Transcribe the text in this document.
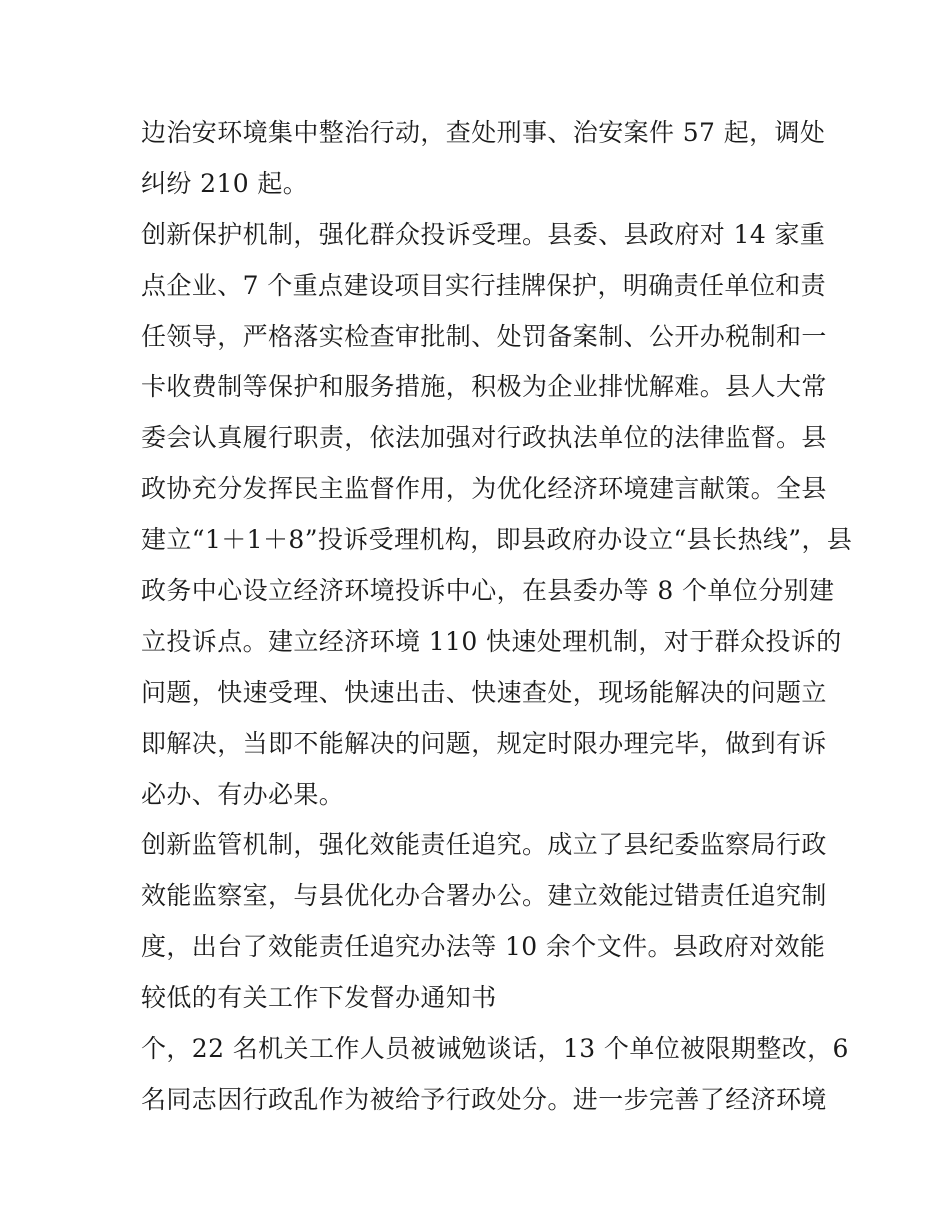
边治安环境集中整治行动，查处刑事、治安案件 57 起，调处
纠纷 210 起。
创新保护机制，强化群众投诉受理。县委、县政府对 14 家重
点企业、7 个重点建设项目实行挂牌保护，明确责任单位和责
任领导，严格落实检查审批制、处罚备案制、公开办税制和一
卡收费制等保护和服务措施，积极为企业排忧解难。县人大常
委会认真履行职责，依法加强对行政执法单位的法律监督。县
政协充分发挥民主监督作用，为优化经济环境建言献策。全县
建立“1＋1＋8”投诉受理机构，即县政府办设立“县长热线”，县
政务中心设立经济环境投诉中心，在县委办等 8 个单位分别建
立投诉点。建立经济环境 110 快速处理机制，对于群众投诉的
问题，快速受理、快速出击、快速查处，现场能解决的问题立
即解决，当即不能解决的问题，规定时限办理完毕，做到有诉
必办、有办必果。
创新监管机制，强化效能责任追究。成立了县纪委监察局行政
效能监察室，与县优化办合署办公。建立效能过错责任追究制
度，出台了效能责任追究办法等 10 余个文件。县政府对效能
较低的有关工作下发督办通知书
个，22 名机关工作人员被诫勉谈话，13 个单位被限期整改，6
名同志因行政乱作为被给予行政处分。进一步完善了经济环境
